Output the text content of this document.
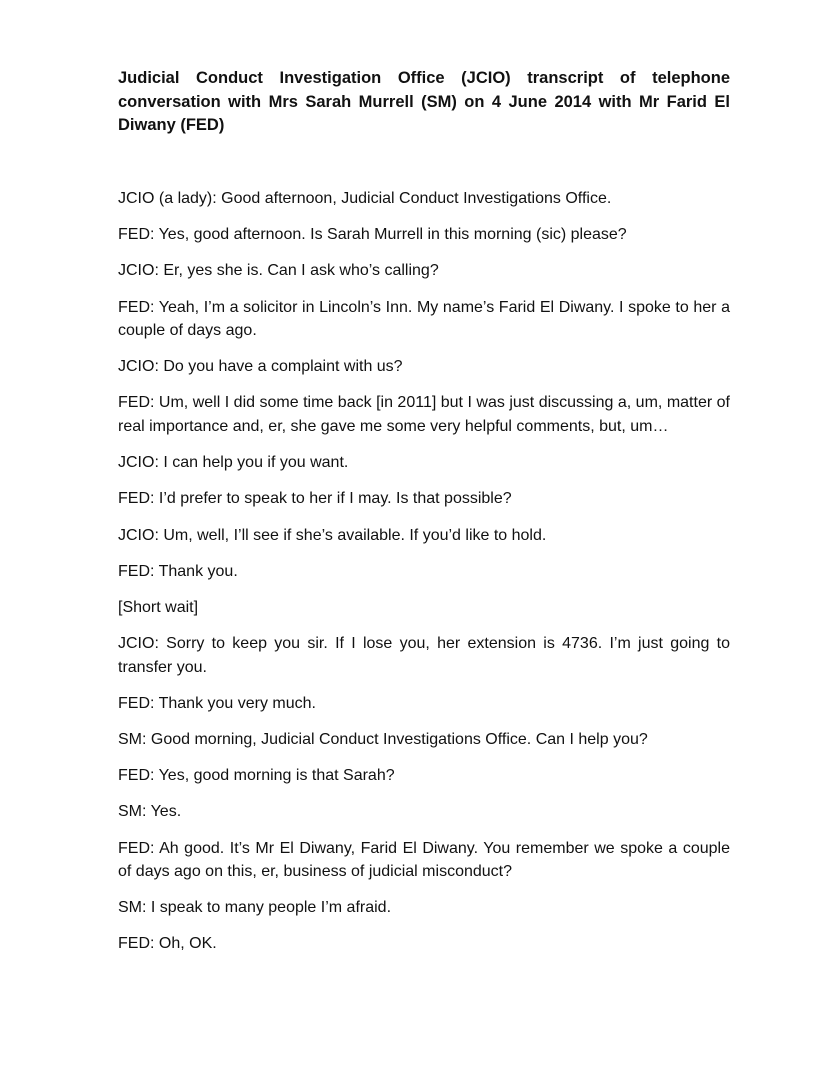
Judicial Conduct Investigation Office (JCIO) transcript of telephone conversation with Mrs Sarah Murrell (SM) on 4 June 2014 with Mr Farid El Diwany (FED)

JCIO (a lady): Good afternoon, Judicial Conduct Investigations Office.

FED: Yes, good afternoon. Is Sarah Murrell in this morning (sic) please?

JCIO: Er, yes she is. Can I ask who’s calling?

FED: Yeah, I’m a solicitor in Lincoln’s Inn. My name’s Farid El Diwany. I spoke to her a couple of days ago.

JCIO: Do you have a complaint with us?

FED: Um, well I did some time back [in 2011] but I was just discussing a, um, matter of real importance and, er, she gave me some very helpful comments, but, um…

JCIO: I can help you if you want.

FED: I’d prefer to speak to her if I may. Is that possible?

JCIO: Um, well, I’ll see if she’s available. If you’d like to hold.

FED: Thank you.

[Short wait]

JCIO: Sorry to keep you sir. If I lose you, her extension is 4736. I’m just going to transfer you.

FED: Thank you very much.

SM: Good morning, Judicial Conduct Investigations Office. Can I help you?

FED: Yes, good morning is that Sarah?

SM: Yes.

FED: Ah good. It’s Mr El Diwany, Farid El Diwany. You remember we spoke a couple of days ago on this, er, business of judicial misconduct?

SM: I speak to many people I’m afraid.

FED: Oh, OK.
